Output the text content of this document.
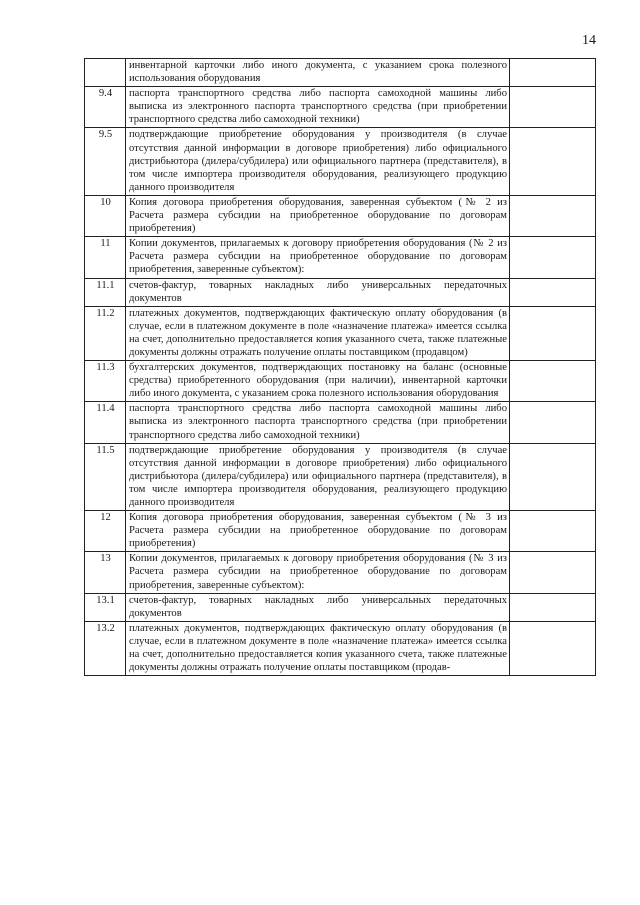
14
	инвентарной карточки либо иного документа, с указанием срока полезного использования оборудования	
9.4	паспорта транспортного средства либо паспорта самоходной машины либо выписка из электронного паспорта транспортного средства (при приобретении транспортного средства либо самоходной техники)	
9.5	подтверждающие приобретение оборудования у производителя (в случае отсутствия данной информации в договоре приобретения) либо официального дистрибьютора (дилера/субдилера) или официального партнера (представителя), в том числе импортера производителя оборудования, реализующего продукцию данного производителя	
10	Копия договора приобретения оборудования, заверенная субъектом (№ 2 из Расчета размера субсидии на приобретенное оборудование по договорам приобретения)	
11	Копии документов, прилагаемых к договору приобретения оборудования (№ 2 из Расчета размера субсидии на приобретенное оборудование по договорам приобретения, заверенные субъектом):	
11.1	счетов-фактур, товарных накладных либо универсальных передаточных документов	
11.2	платежных документов, подтверждающих фактическую оплату оборудования (в случае, если в платежном документе в поле «назначение платежа» имеется ссылка на счет, дополнительно предоставляется копия указанного счета, также платежные документы должны отражать получение оплаты поставщиком (продавцом)	
11.3	бухгалтерских документов, подтверждающих постановку на баланс (основные средства) приобретенного оборудования (при наличии), инвентарной карточки либо иного документа, с указанием срока полезного использования оборудования	
11.4	паспорта транспортного средства либо паспорта самоходной машины либо выписка из электронного паспорта транспортного средства (при приобретении транспортного средства либо самоходной техники)	
11.5	подтверждающие приобретение оборудования у производителя (в случае отсутствия данной информации в договоре приобретения) либо официального дистрибьютора (дилера/субдилера) или официального партнера (представителя), в том числе импортера производителя оборудования, реализующего продукцию данного производителя	
12	Копия договора приобретения оборудования, заверенная субъектом (№ 3 из Расчета размера субсидии на приобретенное оборудование по договорам приобретения)	
13	Копии документов, прилагаемых к договору приобретения оборудования (№ 3 из Расчета размера субсидии на приобретенное оборудование по договорам приобретения, заверенные субъектом):	
13.1	счетов-фактур, товарных накладных либо универсальных передаточных документов	
13.2	платежных документов, подтверждающих фактическую оплату оборудования (в случае, если в платежном документе в поле «назначение платежа» имеется ссылка на счет, дополнительно предоставляется копия указанного счета, также платежные документы должны отражать получение оплаты поставщиком (продав-	
